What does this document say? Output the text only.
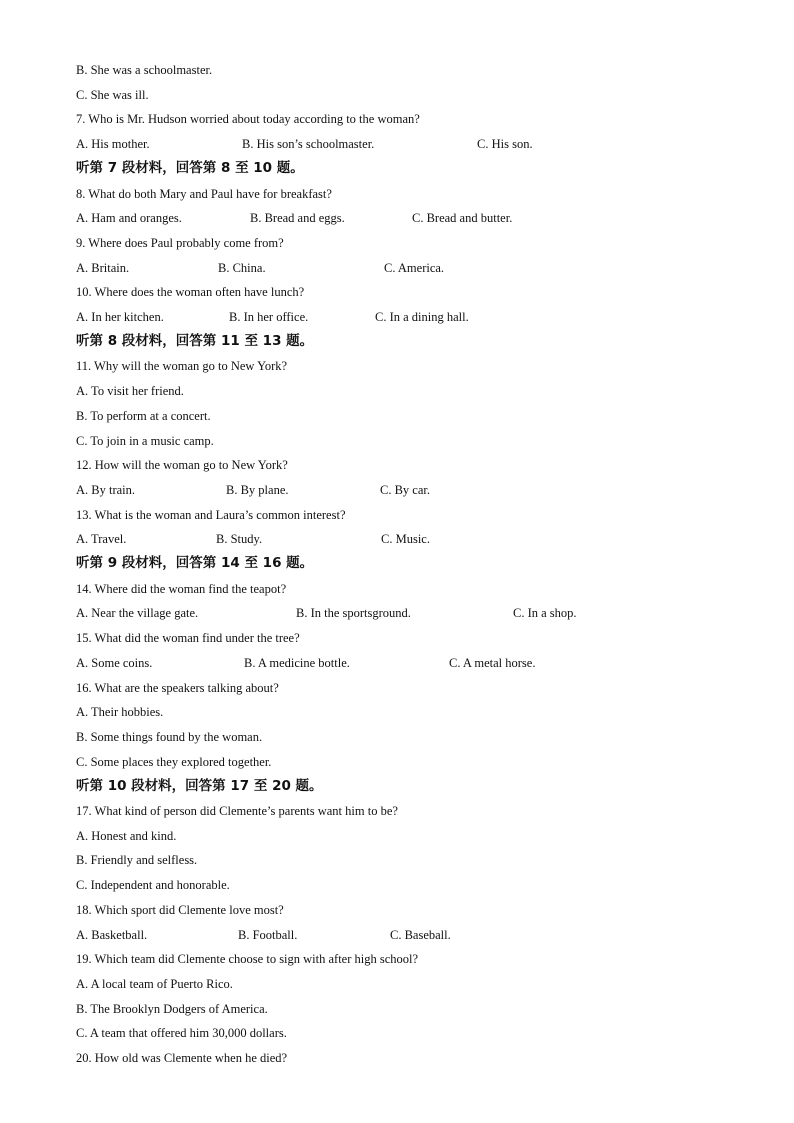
B. She was a schoolmaster.
C. She was ill.
7. Who is Mr. Hudson worried about today according to the woman?
A. His mother.	B. His son’s schoolmaster.	C. His son.
听第 7 段材料，回答第 8 至 10 题。
8. What do both Mary and Paul have for breakfast?
A. Ham and oranges.	B. Bread and eggs.	C. Bread and butter.
9. Where does Paul probably come from?
A. Britain.	B. China.	C. America.
10. Where does the woman often have lunch?
A. In her kitchen.	B. In her office.	C. In a dining hall.
听第 8 段材料，回答第 11 至 13 题。
11. Why will the woman go to New York?
A. To visit her friend.
B. To perform at a concert.
C. To join in a music camp.
12. How will the woman go to New York?
A. By train.	B. By plane.	C. By car.
13. What is the woman and Laura’s common interest?
A. Travel.	B. Study.	C. Music.
听第 9 段材料，回答第 14 至 16 题。
14. Where did the woman find the teapot?
A. Near the village gate.	B. In the sportsground.	C. In a shop.
15. What did the woman find under the tree?
A. Some coins.	B. A medicine bottle.	C. A metal horse.
16. What are the speakers talking about?
A. Their hobbies.
B. Some things found by the woman.
C. Some places they explored together.
听第 10 段材料，回答第 17 至 20 题。
17. What kind of person did Clemente’s parents want him to be?
A. Honest and kind.
B. Friendly and selfless.
C. Independent and honorable.
18. Which sport did Clemente love most?
A. Basketball.	B. Football.	C. Baseball.
19. Which team did Clemente choose to sign with after high school?
A. A local team of Puerto Rico.
B. The Brooklyn Dodgers of America.
C. A team that offered him 30,000 dollars.
20. How old was Clemente when he died?
